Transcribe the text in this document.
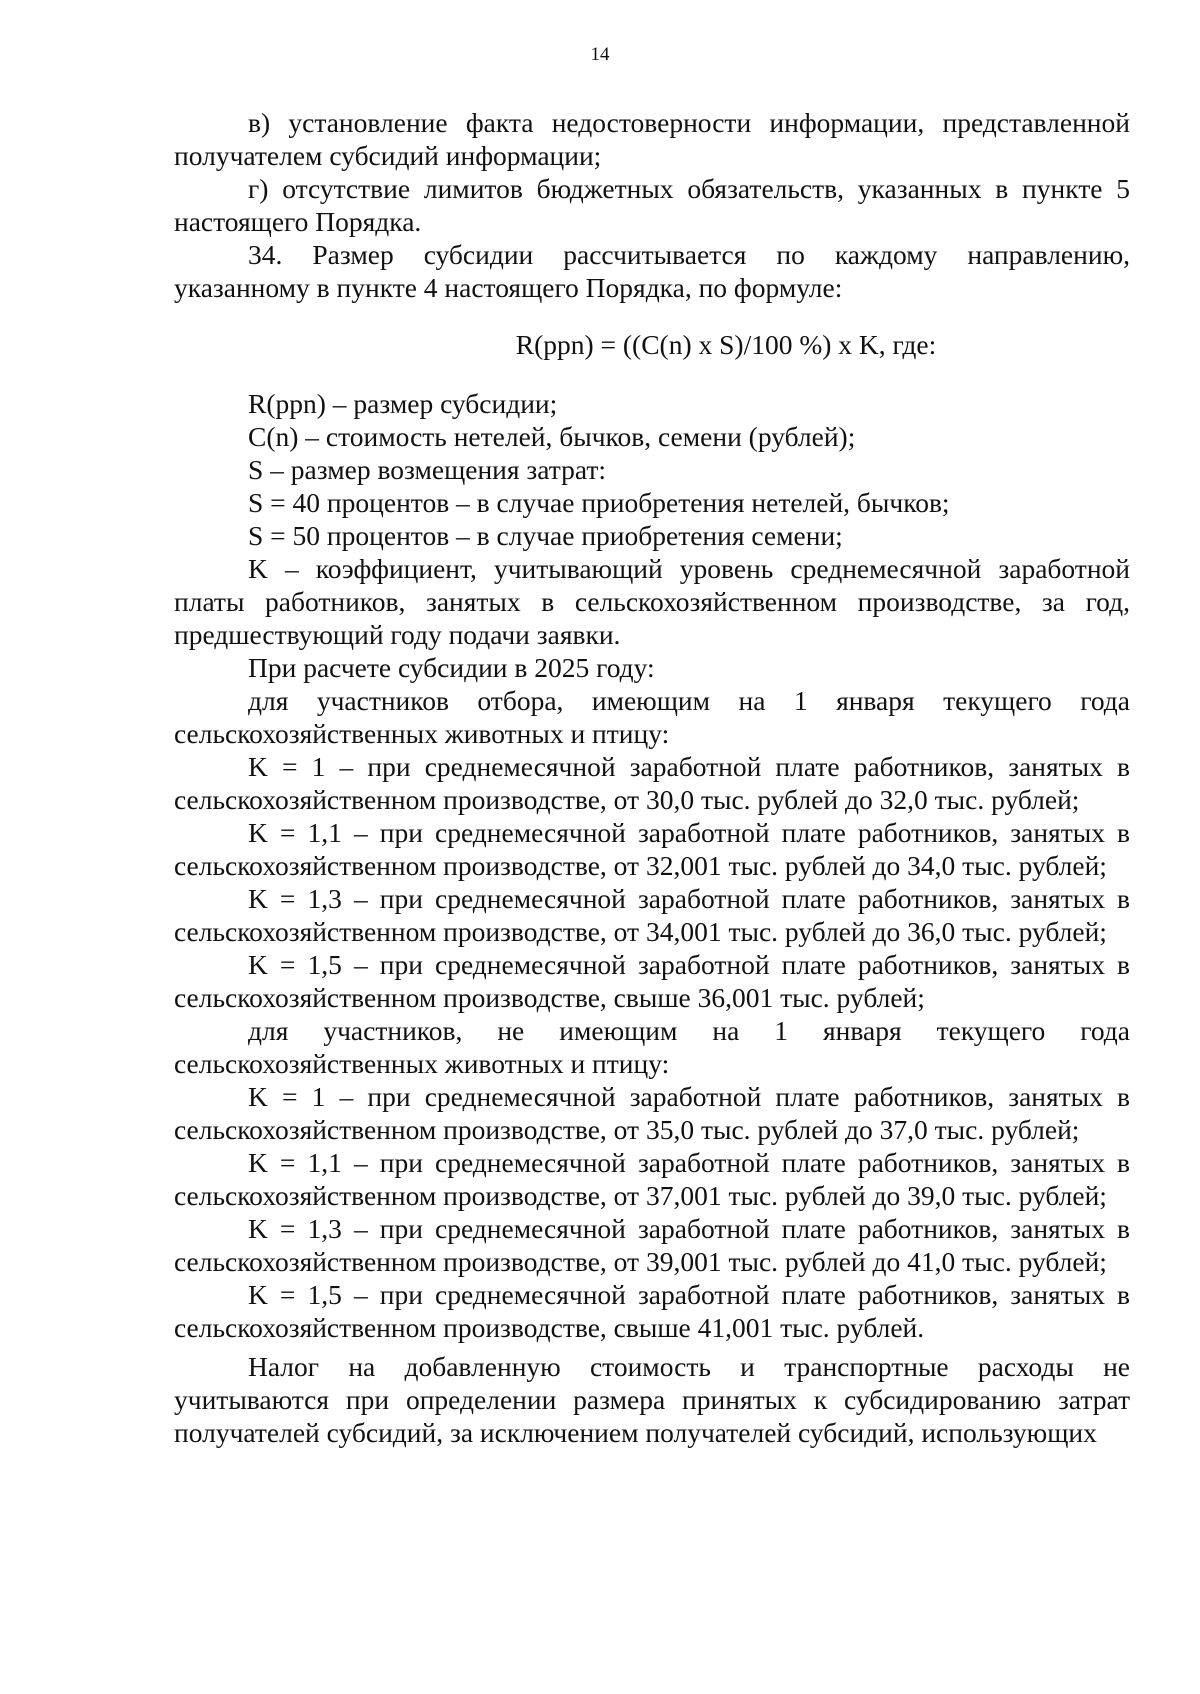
14

в) установление факта недостоверности информации, представленной получателем субсидий информации;

г) отсутствие лимитов бюджетных обязательств, указанных в пункте 5 настоящего Порядка.

34. Размер субсидии рассчитывается по каждому направлению, указанному в пункте 4 настоящего Порядка, по формуле:

R(ppn) = ((C(n) x S)/100 %) x K, где:

R(ppn) – размер субсидии;

C(n) – стоимость нетелей, бычков, семени (рублей);

S – размер возмещения затрат:

S = 40 процентов – в случае приобретения нетелей, бычков;

S = 50 процентов – в случае приобретения семени;

K – коэффициент, учитывающий уровень среднемесячной заработной платы работников, занятых в сельскохозяйственном производстве, за год, предшествующий году подачи заявки.

При расчете субсидии в 2025 году:

для участников отбора, имеющим на 1 января текущего года сельскохозяйственных животных и птицу:

K = 1 – при среднемесячной заработной плате работников, занятых в сельскохозяйственном производстве, от 30,0 тыс. рублей до 32,0 тыс. рублей;

K = 1,1 – при среднемесячной заработной плате работников, занятых в сельскохозяйственном производстве, от 32,001 тыс. рублей до 34,0 тыс. рублей;

K = 1,3 – при среднемесячной заработной плате работников, занятых в сельскохозяйственном производстве, от 34,001 тыс. рублей до 36,0 тыс. рублей;

K = 1,5 – при среднемесячной заработной плате работников, занятых в сельскохозяйственном производстве, свыше 36,001 тыс. рублей;

для участников, не имеющим на 1 января текущего года сельскохозяйственных животных и птицу:

K = 1 – при среднемесячной заработной плате работников, занятых в сельскохозяйственном производстве, от 35,0 тыс. рублей до 37,0 тыс. рублей;

K = 1,1 – при среднемесячной заработной плате работников, занятых в сельскохозяйственном производстве, от 37,001 тыс. рублей до 39,0 тыс. рублей;

K = 1,3 – при среднемесячной заработной плате работников, занятых в сельскохозяйственном производстве, от 39,001 тыс. рублей до 41,0 тыс. рублей;

K = 1,5 – при среднемесячной заработной плате работников, занятых в сельскохозяйственном производстве, свыше 41,001 тыс. рублей.

Налог на добавленную стоимость и транспортные расходы не учитываются при определении размера принятых к субсидированию затрат получателей субсидий, за исключением получателей субсидий, использующих
